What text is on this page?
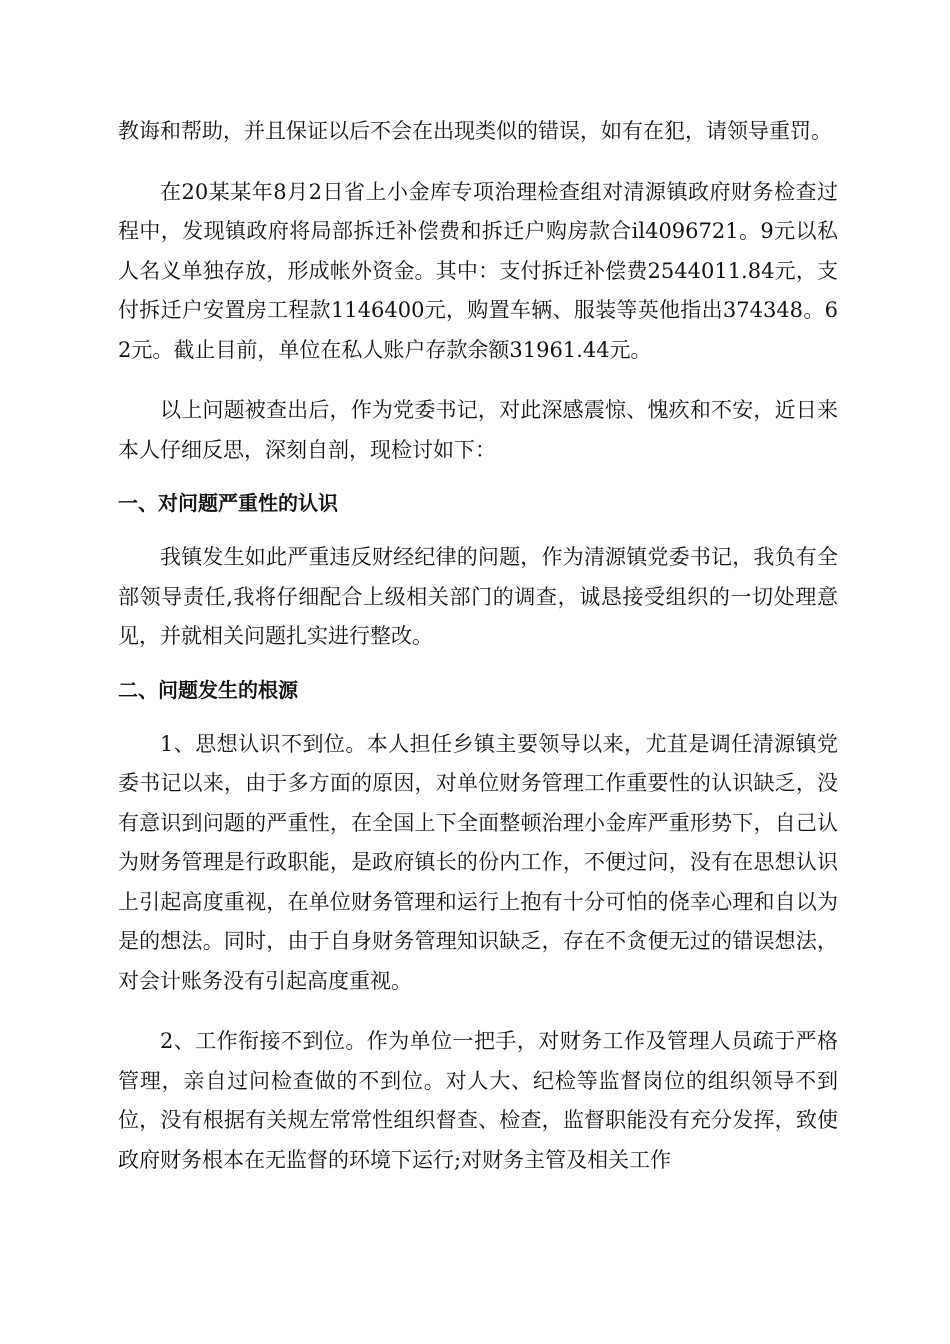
教诲和帮助，并且保证以后不会在出现类似的错误，如有在犯，请领导重罚。

在20某某年8月2日省上小金库专项治理检查组对清源镇政府财务检查过程中，发现镇政府将局部拆迁补偿费和拆迁户购房款合il4096721。9元以私人名义单独存放，形成帐外资金。其中：支付拆迁补偿费2544011.84元，支付拆迁户安置房工程款1146400元，购置车辆、服装等英他指出374348。62元。截止目前，单位在私人账户存款余额31961.44元。

以上问题被查出后，作为党委书记，对此深感震惊、愧疚和不安，近日来本人仔细反思，深刻自剖，现检讨如下：

一、对问题严重性的认识

我镇发生如此严重违反财经纪律的问题，作为清源镇党委书记，我负有全部领导责任,我将仔细配合上级相关部门的调查，诚恳接受组织的一切处理意见，并就相关问题扎实进行整改。

二、问题发生的根源

1、思想认识不到位。本人担任乡镇主要领导以来，尤苴是调任清源镇党委书记以来，由于多方面的原因，对单位财务管理工作重要性的认识缺乏，没有意识到问题的严重性，在全国上下全面整顿治理小金库严重形势下，自己认为财务管理是行政职能，是政府镇长的份内工作，不便过问，没有在思想认识上引起高度重视，在单位财务管理和运行上抱有十分可怕的侥幸心理和自以为是的想法。同时，由于自身财务管理知识缺乏，存在不贪便无过的错误想法，对会计账务没有引起高度重视。

2、工作衔接不到位。作为单位一把手，对财务工作及管理人员疏于严格管理，亲自过问检查做的不到位。对人大、纪检等监督岗位的组织领导不到位，没有根据有关规左常常性组织督查、检查，监督职能没有充分发挥，致使政府财务根本在无监督的环境下运行;对财务主管及相关工作
